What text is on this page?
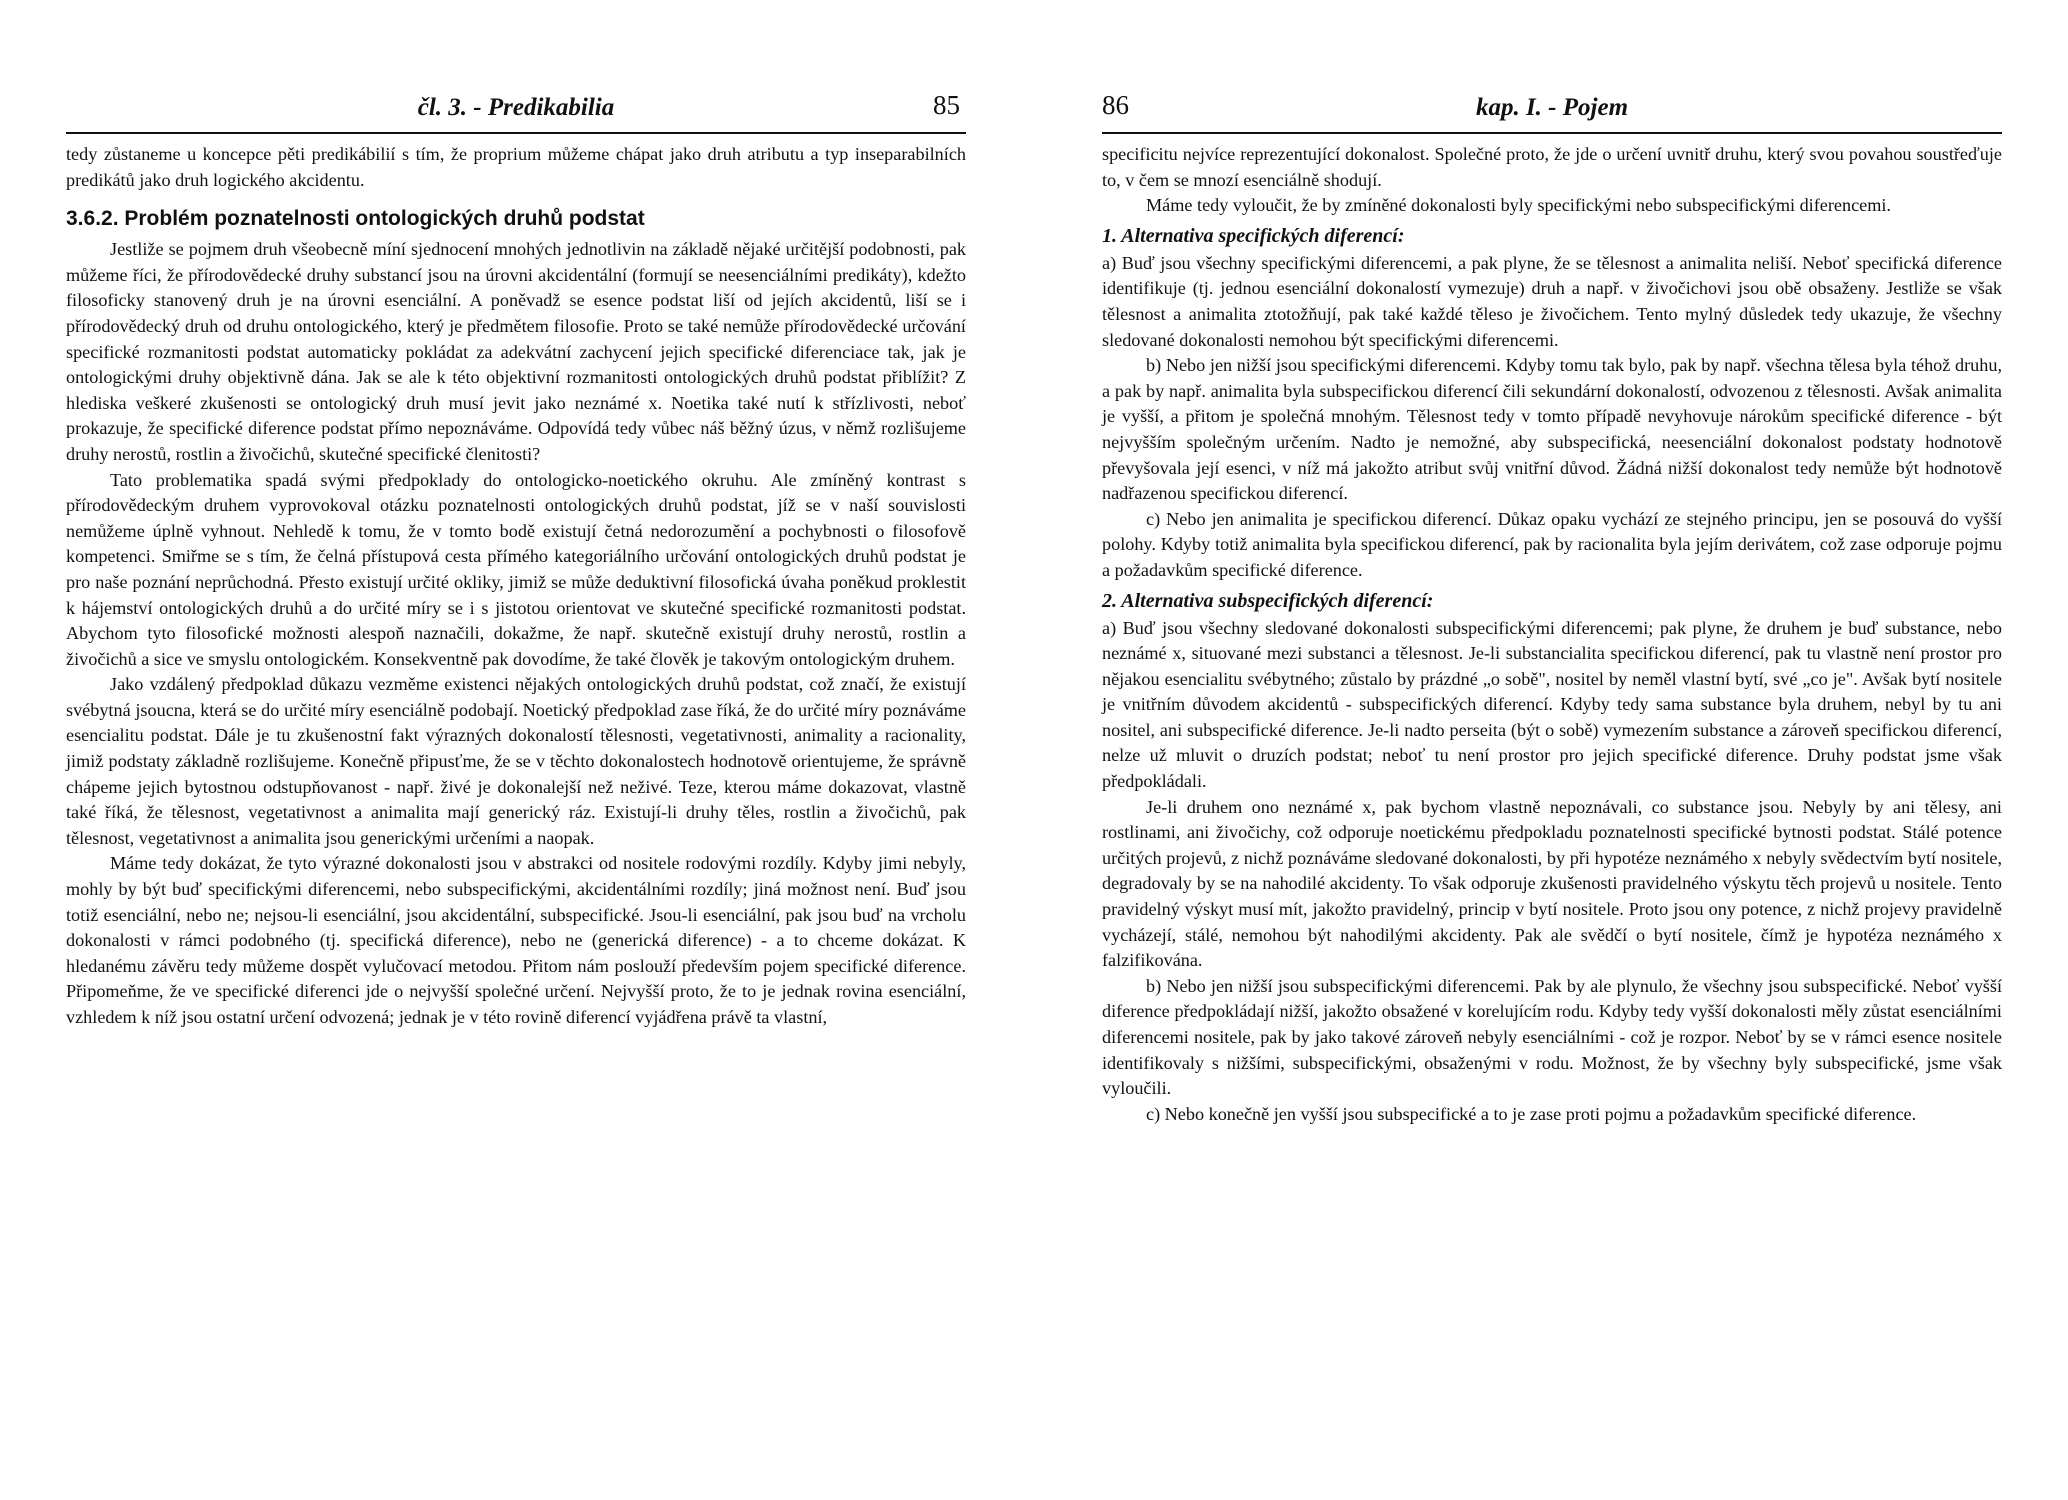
čl. 3. - Predikabilia	85

tedy zůstaneme u koncepce pěti predikábilií s tím, že proprium můžeme chápat jako druh atributu a typ inseparabilních predikátů jako druh logického akcidentu.

3.6.2. Problém poznatelnosti ontologických druhů podstat

Jestliže se pojmem druh všeobecně míní sjednocení mnohých jednotlivin na základě nějaké určitější podobnosti, pak můžeme říci, že přírodovědecké druhy substancí jsou na úrovni akcidentální (formují se neesenciálními predikáty), kdežto filosoficky stanovený druh je na úrovni esenciální. A poněvadž se esence podstat liší od jejích akcidentů, liší se i přírodovědecký druh od druhu ontologického, který je předmětem filosofie. Proto se také nemůže přírodovědecké určování specifické rozmanitosti podstat automaticky pokládat za adekvátní zachycení jejich specifické diferenciace tak, jak je ontologickými druhy objektivně dána. Jak se ale k této objektivní rozmanitosti ontologických druhů podstat přiblížit? Z hlediska veškeré zkušenosti se ontologický druh musí jevit jako neznámé x. Noetika také nutí k střízlivosti, neboť prokazuje, že specifické diference podstat přímo nepoznáváme. Odpovídá tedy vůbec náš běžný úzus, v němž rozlišujeme druhy nerostů, rostlin a živočichů, skutečné specifické členitosti?

Tato problematika spadá svými předpoklady do ontologicko-noetického okruhu. Ale zmíněný kontrast s přírodovědeckým druhem vyprovokoval otázku poznatelnosti ontologických druhů podstat, jíž se v naší souvislosti nemůžeme úplně vyhnout. Nehledě k tomu, že v tomto bodě existují četná nedorozumění a pochybnosti o filosofově kompetenci. Smiřme se s tím, že čelná přístupová cesta přímého kategoriálního určování ontologických druhů podstat je pro naše poznání neprůchodná. Přesto existují určité okliky, jimiž se může deduktivní filosofická úvaha poněkud proklestit k hájemství ontologických druhů a do určité míry se i s jistotou orientovat ve skutečné specifické rozmanitosti podstat. Abychom tyto filosofické možnosti alespoň naznačili, dokažme, že např. skutečně existují druhy nerostů, rostlin a živočichů a sice ve smyslu ontologickém. Konsekventně pak dovodíme, že také člověk je takovým ontologickým druhem.

Jako vzdálený předpoklad důkazu vezměme existenci nějakých ontologických druhů podstat, což značí, že existují svébytná jsoucna, která se do určité míry esenciálně podobají. Noetický předpoklad zase říká, že do určité míry poznáváme esencialitu podstat. Dále je tu zkušenostní fakt výrazných dokonalostí tělesnosti, vegetativnosti, animality a racionality, jimiž podstaty základně rozlišujeme. Konečně připusťme, že se v těchto dokonalostech hodnotově orientujeme, že správně chápeme jejich bytostnou odstupňovanost - např. živé je dokonalejší než neživé. Teze, kterou máme dokazovat, vlastně také říká, že tělesnost, vegetativnost a animalita mají generický ráz. Existují-li druhy těles, rostlin a živočichů, pak tělesnost, vegetativnost a animalita jsou generickými určeními a naopak.

Máme tedy dokázat, že tyto výrazné dokonalosti jsou v abstrakci od nositele rodovými rozdíly. Kdyby jimi nebyly, mohly by být buď specifickými diferencemi, nebo subspecifickými, akcidentálními rozdíly; jiná možnost není. Buď jsou totiž esenciální, nebo ne; nejsou-li esenciální, jsou akcidentální, subspecifické. Jsou-li esenciální, pak jsou buď na vrcholu dokonalosti v rámci podobného (tj. specifická diference), nebo ne (generická diference) - a to chceme dokázat. K hledanému závěru tedy můžeme dospět vylučovací metodou. Přitom nám poslouží především pojem specifické diference. Připomeňme, že ve specifické diferenci jde o nejvyšší společné určení. Nejvyšší proto, že to je jednak rovina esenciální, vzhledem k níž jsou ostatní určení odvozená; jednak je v této rovině diferencí vyjádřena právě ta vlastní,

86	kap. I. - Pojem

specificitu nejvíce reprezentující dokonalost. Společné proto, že jde o určení uvnitř druhu, který svou povahou soustřeďuje to, v čem se mnozí esenciálně shodují.

Máme tedy vyloučit, že by zmíněné dokonalosti byly specifickými nebo subspecifickými diferencemi.

1. Alternativa specifických diferencí:

a) Buď jsou všechny specifickými diferencemi, a pak plyne, že se tělesnost a animalita neliší. Neboť specifická diference identifikuje (tj. jednou esenciální dokonalostí vymezuje) druh a např. v živočichovi jsou obě obsaženy. Jestliže se však tělesnost a animalita ztotožňují, pak také každé těleso je živočichem. Tento mylný důsledek tedy ukazuje, že všechny sledované dokonalosti nemohou být specifickými diferencemi.

b) Nebo jen nižší jsou specifickými diferencemi. Kdyby tomu tak bylo, pak by např. všechna tělesa byla téhož druhu, a pak by např. animalita byla subspecifickou diferencí čili sekundární dokonalostí, odvozenou z tělesnosti. Avšak animalita je vyšší, a přitom je společná mnohým. Tělesnost tedy v tomto případě nevyhovuje nárokům specifické diference - být nejvyšším společným určením. Nadto je nemožné, aby subspecifická, neesenciální dokonalost podstaty hodnotově převyšovala její esenci, v níž má jakožto atribut svůj vnitřní důvod. Žádná nižší dokonalost tedy nemůže být hodnotově nadřazenou specifickou diferencí.

c) Nebo jen animalita je specifickou diferencí. Důkaz opaku vychází ze stejného principu, jen se posouvá do vyšší polohy. Kdyby totiž animalita byla specifickou diferencí, pak by racionalita byla jejím derivátem, což zase odporuje pojmu a požadavkům specifické diference.

2. Alternativa subspecifických diferencí:

a) Buď jsou všechny sledované dokonalosti subspecifickými diferencemi; pak plyne, že druhem je buď substance, nebo neznámé x, situované mezi substanci a tělesnost. Je-li substancialita specifickou diferencí, pak tu vlastně není prostor pro nějakou esencialitu svébytného; zůstalo by prázdné „o sobě", nositel by neměl vlastní bytí, své „co je". Avšak bytí nositele je vnitřním důvodem akcidentů - subspecifických diferencí. Kdyby tedy sama substance byla druhem, nebyl by tu ani nositel, ani subspecifické diference. Je-li nadto perseita (být o sobě) vymezením substance a zároveň specifickou diferencí, nelze už mluvit o druzích podstat; neboť tu není prostor pro jejich specifické diference. Druhy podstat jsme však předpokládali.

Je-li druhem ono neznámé x, pak bychom vlastně nepoznávali, co substance jsou. Nebyly by ani tělesy, ani rostlinami, ani živočichy, což odporuje noetickému předpokladu poznatelnosti specifické bytnosti podstat. Stálé potence určitých projevů, z nichž poznáváme sledované dokonalosti, by při hypotéze neznámého x nebyly svědectvím bytí nositele, degradovaly by se na nahodilé akcidenty. To však odporuje zkušenosti pravidelného výskytu těch projevů u nositele. Tento pravidelný výskyt musí mít, jakožto pravidelný, princip v bytí nositele. Proto jsou ony potence, z nichž projevy pravidelně vycházejí, stálé, nemohou být nahodilými akcidenty. Pak ale svědčí o bytí nositele, čímž je hypotéza neznámého x falzifikována.

b) Nebo jen nižší jsou subspecifickými diferencemi. Pak by ale plynulo, že všechny jsou subspecifické. Neboť vyšší diference předpokládají nižší, jakožto obsažené v korelujícím rodu. Kdyby tedy vyšší dokonalosti měly zůstat esenciálními diferencemi nositele, pak by jako takové zároveň nebyly esenciálními - což je rozpor. Neboť by se v rámci esence nositele identifikovaly s nižšími, subspecifickými, obsaženými v rodu. Možnost, že by všechny byly subspecifické, jsme však vyloučili.

c) Nebo konečně jen vyšší jsou subspecifické a to je zase proti pojmu a požadavkům specifické diference.
